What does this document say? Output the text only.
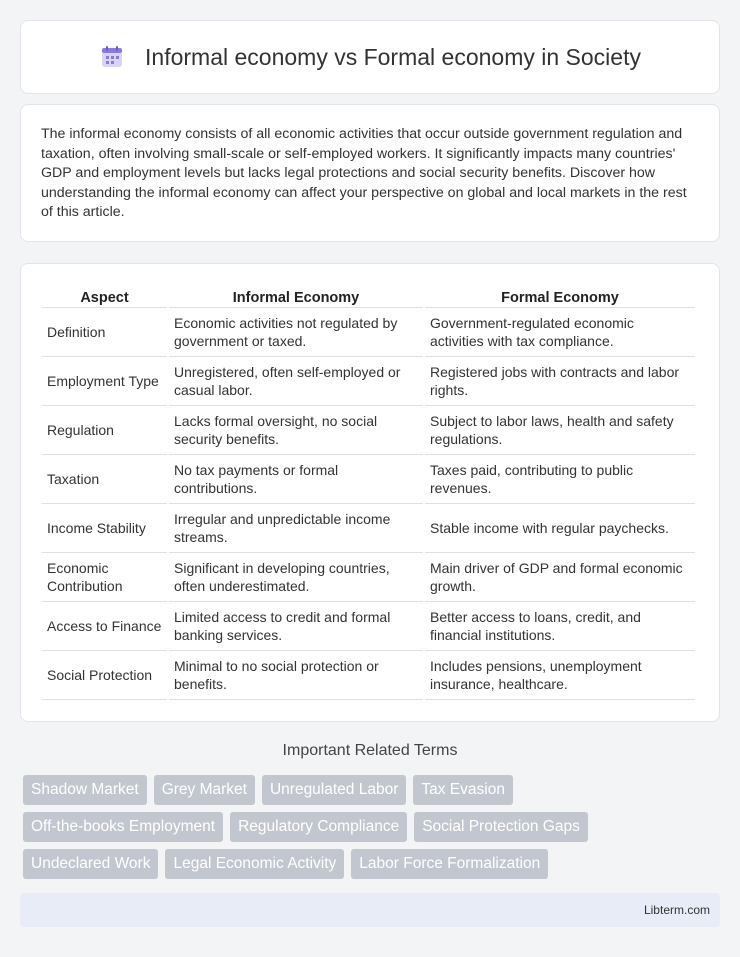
Informal economy vs Formal economy in Society

The informal economy consists of all economic activities that occur outside government regulation and taxation, often involving small-scale or self-employed workers. It significantly impacts many countries' GDP and employment levels but lacks legal protections and social security benefits. Discover how understanding the informal economy can affect your perspective on global and local markets in the rest of this article.

Aspect	Informal Economy	Formal Economy
Definition	Economic activities not regulated by government or taxed.	Government-regulated economic activities with tax compliance.
Employment Type	Unregistered, often self-employed or casual labor.	Registered jobs with contracts and labor rights.
Regulation	Lacks formal oversight, no social security benefits.	Subject to labor laws, health and safety regulations.
Taxation	No tax payments or formal contributions.	Taxes paid, contributing to public revenues.
Income Stability	Irregular and unpredictable income streams.	Stable income with regular paychecks.
Economic Contribution	Significant in developing countries, often underestimated.	Main driver of GDP and formal economic growth.
Access to Finance	Limited access to credit and formal banking services.	Better access to loans, credit, and financial institutions.
Social Protection	Minimal to no social protection or benefits.	Includes pensions, unemployment insurance, healthcare.
Important Related Terms
Shadow Market	Grey Market	Unregulated Labor	Tax Evasion
Off-the-books Employment	Regulatory Compliance	Social Protection Gaps
Undeclared Work	Legal Economic Activity	Labor Force Formalization
Libterm.com
